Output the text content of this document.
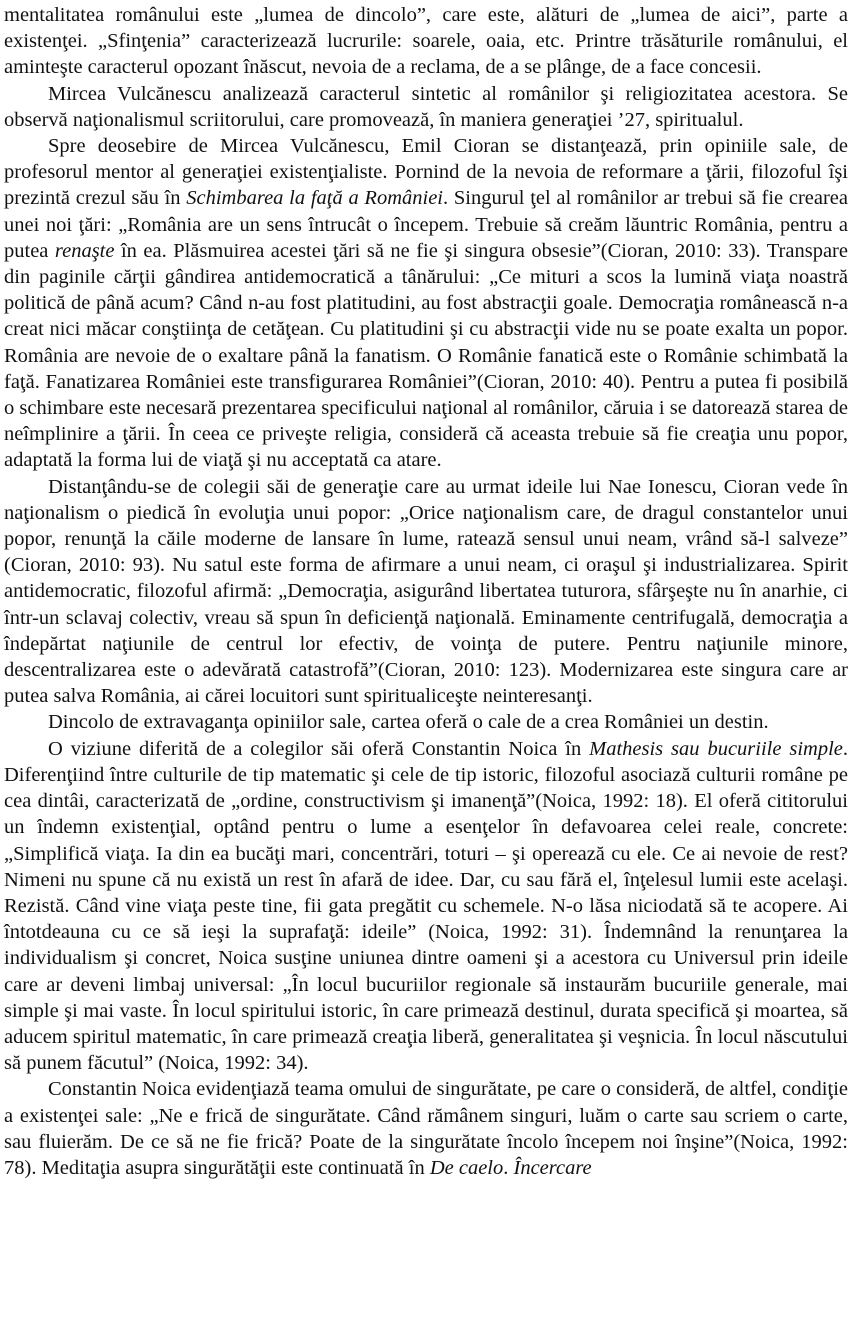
mentalitatea românului este „lumea de dincolo”, care este, alături de „lumea de aici”, parte a existenţei. „Sfinţenia” caracterizează lucrurile: soarele, oaia, etc. Printre trăsăturile românului, el aminteşte caracterul opozant înăscut, nevoia de a reclama, de a se plânge, de a face concesii.

Mircea Vulcănescu analizează caracterul sintetic al românilor şi religiozitatea acestora. Se observă naţionalismul scriitorului, care promovează, în maniera generaţiei ’27, spiritualul.

Spre deosebire de Mircea Vulcănescu, Emil Cioran se distanţează, prin opiniile sale, de profesorul mentor al generaţiei existenţialiste. Pornind de la nevoia de reformare a ţării, filozoful îşi prezintă crezul său în Schimbarea la faţă a României. Singurul ţel al românilor ar trebui să fie crearea unei noi ţări: „România are un sens întrucât o începem. Trebuie să creăm lăuntric România, pentru a putea renaşte în ea. Plăsmuirea acestei ţări să ne fie şi singura obsesie”(Cioran, 2010: 33). Transpare din paginile cărţii gândirea antidemocratică a tânărului: „Ce mituri a scos la lumină viaţa noastră politică de până acum? Când n-au fost platitudini, au fost abstracţii goale. Democraţia românească n-a creat nici măcar conştiinţa de cetăţean. Cu platitudini şi cu abstracţii vide nu se poate exalta un popor. România are nevoie de o exaltare până la fanatism. O Românie fanatică este o Românie schimbată la faţă. Fanatizarea României este transfigurarea României”(Cioran, 2010: 40). Pentru a putea fi posibilă o schimbare este necesară prezentarea specificului naţional al românilor, căruia i se datorează starea de neîmplinire a ţării. În ceea ce priveşte religia, consideră că aceasta trebuie să fie creaţia unu popor, adaptată la forma lui de viaţă şi nu acceptată ca atare.

Distanţându-se de colegii săi de generaţie care au urmat ideile lui Nae Ionescu, Cioran vede în naţionalism o piedică în evoluţia unui popor: „Orice naţionalism care, de dragul constantelor unui popor, renunţă la căile moderne de lansare în lume, ratează sensul unui neam, vrând să-l salveze” (Cioran, 2010: 93). Nu satul este forma de afirmare a unui neam, ci oraşul şi industrializarea. Spirit antidemocratic, filozoful afirmă: „Democraţia, asigurând libertatea tuturora, sfârşeşte nu în anarhie, ci într-un sclavaj colectiv, vreau să spun în deficienţă naţională. Eminamente centrifugală, democraţia a îndepărtat naţiunile de centrul lor efectiv, de voinţa de putere. Pentru naţiunile minore, descentralizarea este o adevărată catastrofă”(Cioran, 2010: 123). Modernizarea este singura care ar putea salva România, ai cărei locuitori sunt spiritualiceşte neinteresanţi.

Dincolo de extravaganţa opiniilor sale, cartea oferă o cale de a crea României un destin.

O viziune diferită de a colegilor săi oferă Constantin Noica în Mathesis sau bucuriile simple. Diferenţiind între culturile de tip matematic şi cele de tip istoric, filozoful asociază culturii române pe cea dintâi, caracterizată de „ordine, constructivism şi imanenţă”(Noica, 1992: 18). El oferă cititorului un îndemn existenţial, optând pentru o lume a esenţelor în defavoarea celei reale, concrete: „Simplifică viaţa. Ia din ea bucăţi mari, concentrări, toturi – şi operează cu ele. Ce ai nevoie de rest? Nimeni nu spune că nu există un rest în afară de idee. Dar, cu sau fără el, înţelesul lumii este acelaşi. Rezistă. Când vine viaţa peste tine, fii gata pregătit cu schemele. N-o lăsa niciodată să te acopere. Ai întotdeauna cu ce să ieşi la suprafaţă: ideile” (Noica, 1992: 31). Îndemnând la renunţarea la individualism şi concret, Noica susţine uniunea dintre oameni şi a acestora cu Universul prin ideile care ar deveni limbaj universal: „În locul bucuriilor regionale să instaurăm bucuriile generale, mai simple şi mai vaste. În locul spiritului istoric, în care primează destinul, durata specifică şi moartea, să aducem spiritul matematic, în care primează creaţia liberă, generalitatea şi veşnicia. În locul născutului să punem făcutul” (Noica, 1992: 34).

Constantin Noica evidenţiază teama omului de singurătate, pe care o consideră, de altfel, condiţie a existenţei sale: „Ne e frică de singurătate. Când rămânem singuri, luăm o carte sau scriem o carte, sau fluierăm. De ce să ne fie frică? Poate de la singurătate încolo începem noi înşine”(Noica, 1992: 78). Meditaţia asupra singurătăţii este continuată în De caelo. Încercare
